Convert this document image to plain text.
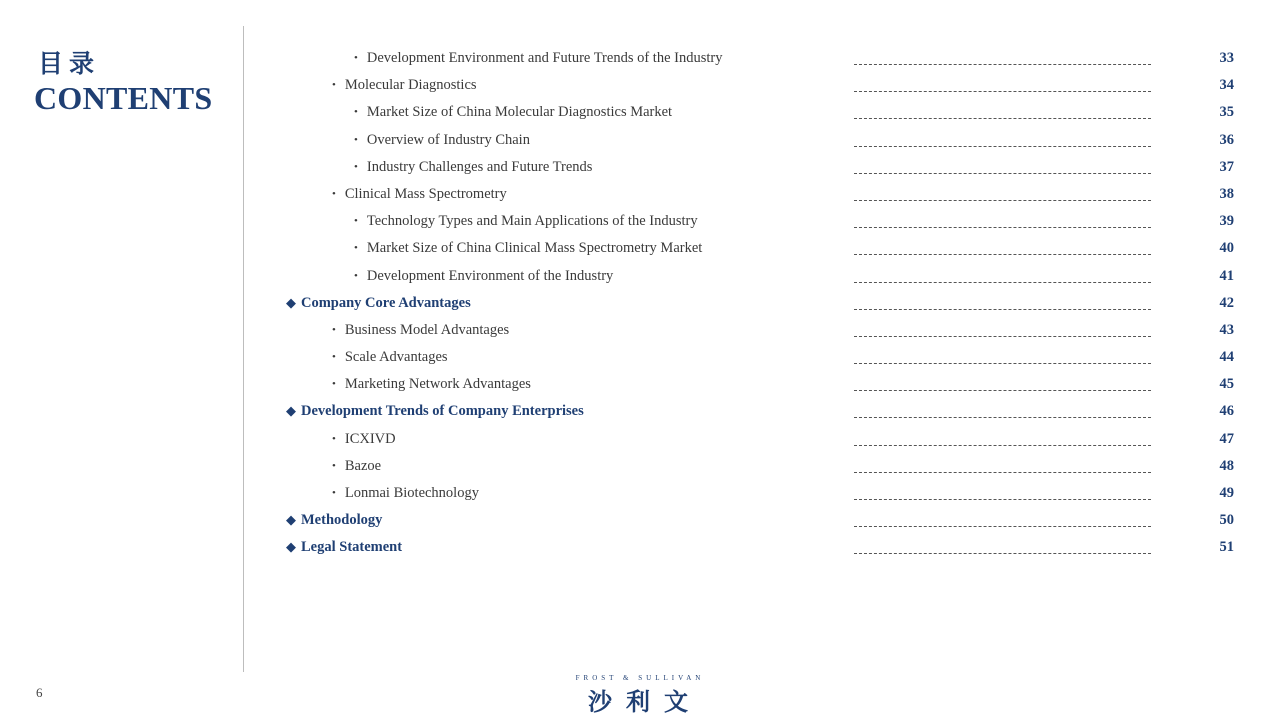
目录
CONTENTS
• Development Environment and Future Trends of the Industry	33
• Molecular Diagnostics	34
• Market Size of China Molecular Diagnostics Market	35
• Overview of Industry Chain	36
• Industry Challenges and Future Trends	37
• Clinical Mass Spectrometry	38
• Technology Types and Main Applications of the Industry	39
• Market Size of China Clinical Mass Spectrometry Market	40
• Development Environment of the Industry	41
◆ Company Core Advantages	42
• Business Model Advantages	43
• Scale Advantages	44
• Marketing Network Advantages	45
◆ Development Trends of Company Enterprises	46
• ICXIVD	47
• Bazoe	48
• Lonmai Biotechnology	49
◆ Methodology	50
◆ Legal Statement	51
6
FROST & SULLIVAN
沙利文
